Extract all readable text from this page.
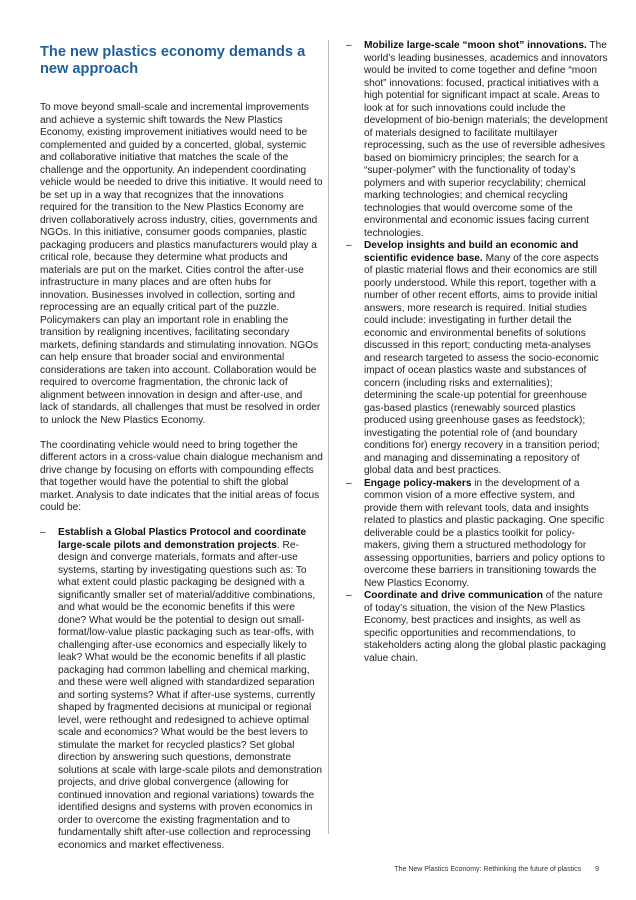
The new plastics economy demands a new approach

To move beyond small-scale and incremental improvements and achieve a systemic shift towards the New Plastics Economy, existing improvement initiatives would need to be complemented and guided by a concerted, global, systemic and collaborative initiative that matches the scale of the challenge and the opportunity. An independent coordinating vehicle would be needed to drive this initiative. It would need to be set up in a way that recognizes that the innovations required for the transition to the New Plastics Economy are driven collaboratively across industry, cities, governments and NGOs. In this initiative, consumer goods companies, plastic packaging producers and plastics manufacturers would play a critical role, because they determine what products and materials are put on the market. Cities control the after-use infrastructure in many places and are often hubs for innovation. Businesses involved in collection, sorting and reprocessing are an equally critical part of the puzzle. Policymakers can play an important role in enabling the transition by realigning incentives, facilitating secondary markets, defining standards and stimulating innovation. NGOs can help ensure that broader social and environmental considerations are taken into account. Collaboration would be required to overcome fragmentation, the chronic lack of alignment between innovation in design and after-use, and lack of standards, all challenges that must be resolved in order to unlock the New Plastics Economy.

The coordinating vehicle would need to bring together the different actors in a cross-value chain dialogue mechanism and drive change by focusing on efforts with compounding effects that together would have the potential to shift the global market. Analysis to date indicates that the initial areas of focus could be:

– Establish a Global Plastics Protocol and coordinate large-scale pilots and demonstration projects. Re-design and converge materials, formats and after-use systems, starting by investigating questions such as: To what extent could plastic packaging be designed with a significantly smaller set of material/additive combinations, and what would be the economic benefits if this were done? What would be the potential to design out small-format/low-value plastic packaging such as tear-offs, with challenging after-use economics and especially likely to leak? What would be the economic benefits if all plastic packaging had common labelling and chemical marking, and these were well aligned with standardized separation and sorting systems? What if after-use systems, currently shaped by fragmented decisions at municipal or regional level, were rethought and redesigned to achieve optimal scale and economics? What would be the best levers to stimulate the market for recycled plastics? Set global direction by answering such questions, demonstrate solutions at scale with large-scale pilots and demonstration projects, and drive global convergence (allowing for continued innovation and regional variations) towards the identified designs and systems with proven economics in order to overcome the existing fragmentation and to fundamentally shift after-use collection and reprocessing economics and market effectiveness.
– Mobilize large-scale “moon shot” innovations. The world’s leading businesses, academics and innovators would be invited to come together and define “moon shot” innovations: focused, practical initiatives with a high potential for significant impact at scale. Areas to look at for such innovations could include the development of bio-benign materials; the development of materials designed to facilitate multilayer reprocessing, such as the use of reversible adhesives based on biomimicry principles; the search for a “super-polymer” with the functionality of today’s polymers and with superior recyclability; chemical marking technologies; and chemical recycling technologies that would overcome some of the environmental and economic issues facing current technologies.
– Develop insights and build an economic and scientific evidence base. Many of the core aspects of plastic material flows and their economics are still poorly understood. While this report, together with a number of other recent efforts, aims to provide initial answers, more research is required. Initial studies could include: investigating in further detail the economic and environmental benefits of solutions discussed in this report; conducting meta-analyses and research targeted to assess the socio-economic impact of ocean plastics waste and substances of concern (including risks and externalities); determining the scale-up potential for greenhouse gas-based plastics (renewably sourced plastics produced using greenhouse gases as feedstock); investigating the potential role of (and boundary conditions for) energy recovery in a transition period; and managing and disseminating a repository of global data and best practices.
– Engage policy-makers in the development of a common vision of a more effective system, and provide them with relevant tools, data and insights related to plastics and plastic packaging. One specific deliverable could be a plastics toolkit for policy-makers, giving them a structured methodology for assessing opportunities, barriers and policy options to overcome these barriers in transitioning towards the New Plastics Economy.
– Coordinate and drive communication of the nature of today’s situation, the vision of the New Plastics Economy, best practices and insights, as well as specific opportunities and recommendations, to stakeholders acting along the global plastic packaging value chain.
The New Plastics Economy: Rethinking the future of plastics 9
